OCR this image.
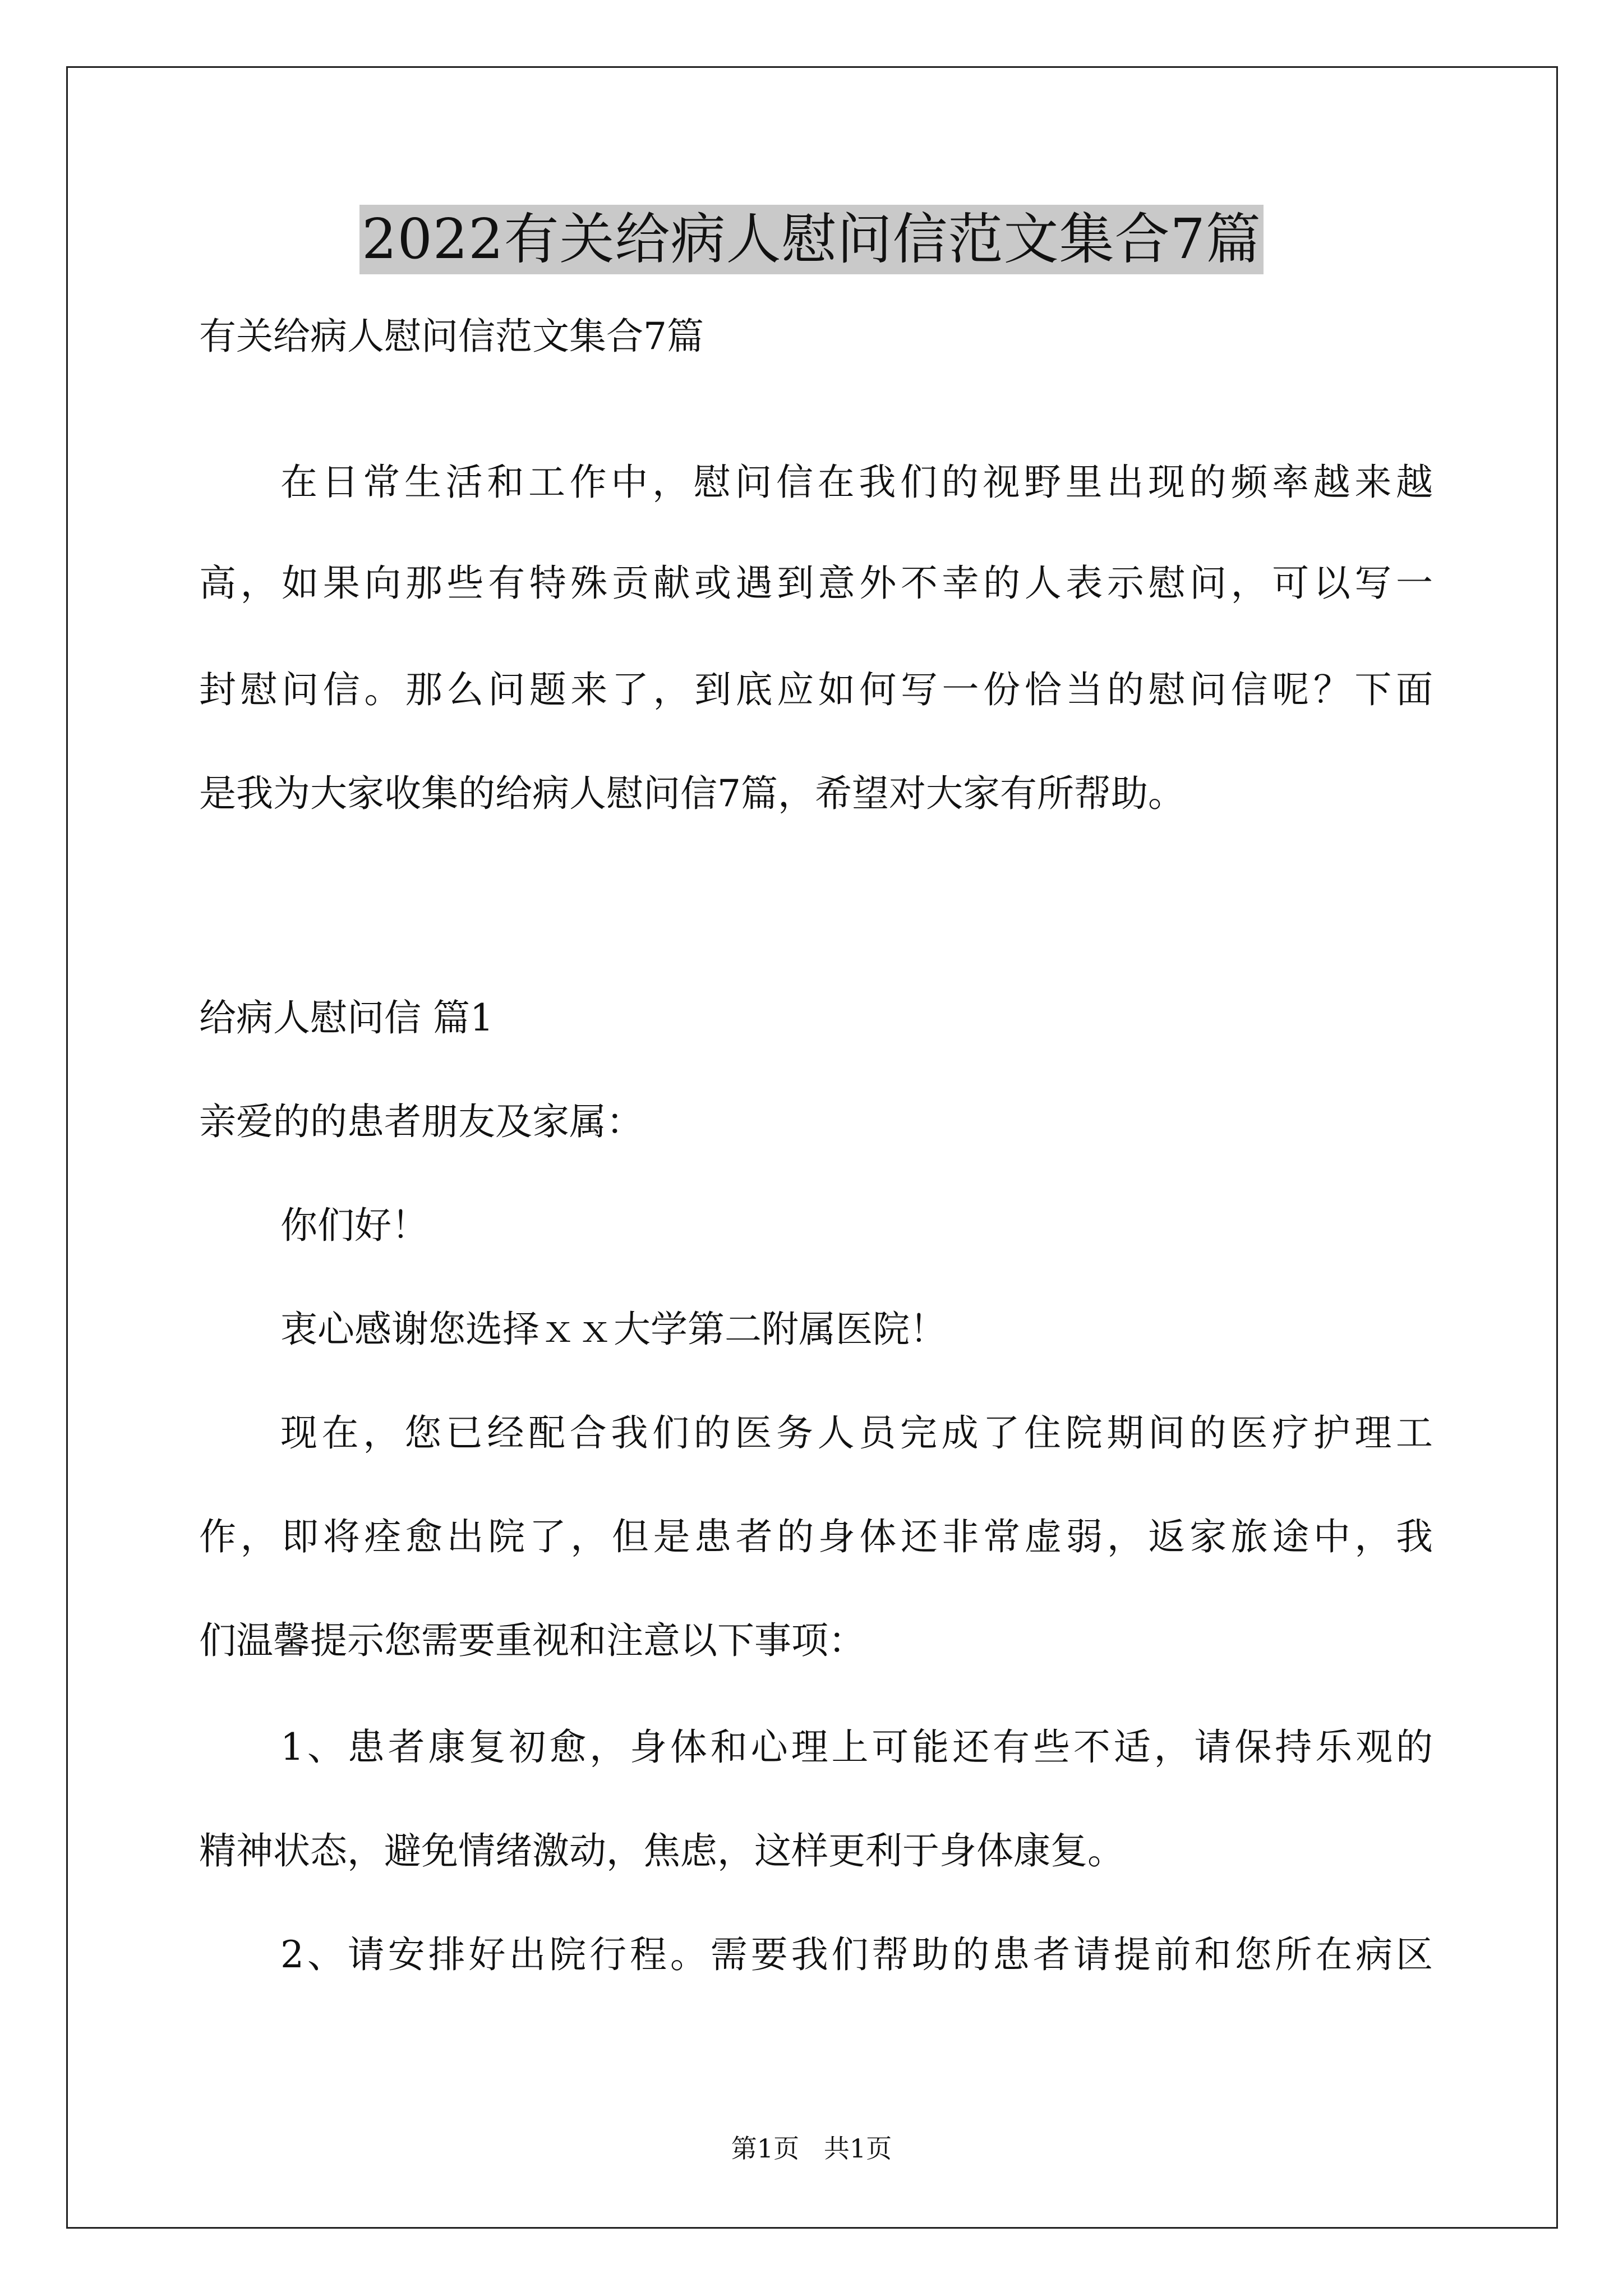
2022有关给病人慰问信范文集合7篇
有关给病人慰问信范文集合7篇
在日常生活和工作中，慰问信在我们的视野里出现的频率越来越
高，如果向那些有特殊贡献或遇到意外不幸的人表示慰问，可以写一
封慰问信。那么问题来了，到底应如何写一份恰当的慰问信呢？下面
是我为大家收集的给病人慰问信7篇，希望对大家有所帮助。
给病人慰问信 篇1
亲爱的的患者朋友及家属：
你们好！
衷心感谢您选择ｘｘ大学第二附属医院！
现在，您已经配合我们的医务人员完成了住院期间的医疗护理工
作，即将痊愈出院了，但是患者的身体还非常虚弱，返家旅途中，我
们温馨提示您需要重视和注意以下事项：
1、患者康复初愈，身体和心理上可能还有些不适，请保持乐观的
精神状态，避免情绪激动，焦虑，这样更利于身体康复。
2、请安排好出院行程。需要我们帮助的患者请提前和您所在病区
第1页   共1页
